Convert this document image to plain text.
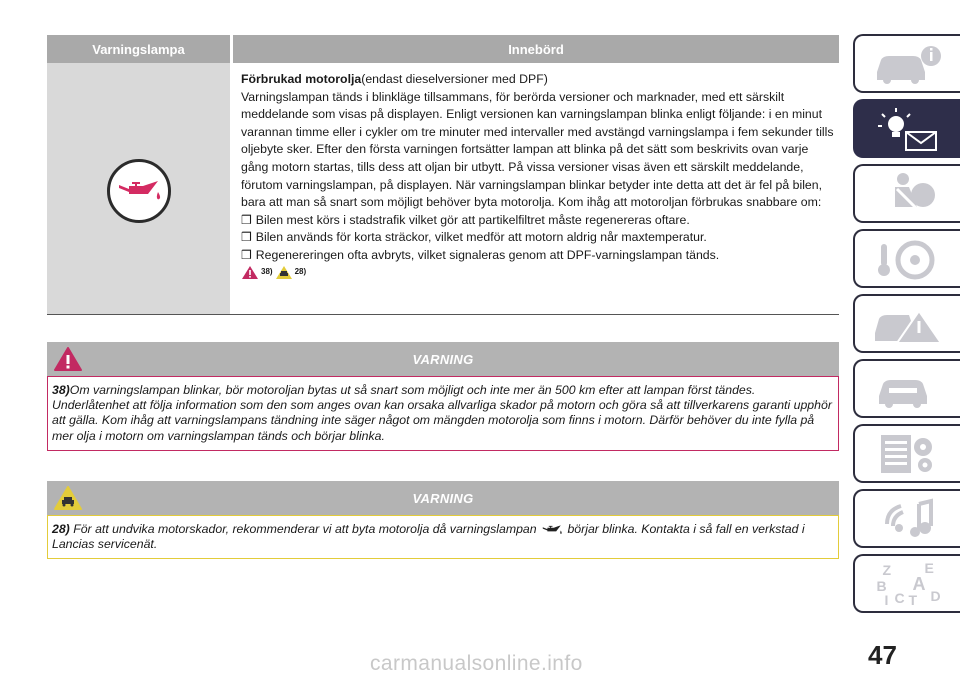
Varningslampa	Innebörd
Förbrukad motorolja(endast dieselversioner med DPF)
Varningslampan tänds i blinkläge tillsammans, för berörda versioner och marknader, med ett särskilt meddelande som visas på displayen. Enligt versionen kan varningslampan blinka enligt följande: i en minut varannan timme eller i cykler om tre minuter med intervaller med avstängd varningslampa i fem sekunder tills oljebyte sker. Efter den första varningen fortsätter lampan att blinka på det sätt som beskrivits ovan varje gång motorn startas, tills dess att oljan bir utbytt. På vissa versioner visas även ett särskilt meddelande, förutom varningslampan, på displayen. När varningslampan blinkar betyder inte detta att det är fel på bilen, bara att man så snart som möjligt behöver byta motorolja. Kom ihåg att motoroljan förbrukas snabbare om:
❒ Bilen mest körs i stadstrafik vilket gör att partikelfiltret måste regenereras oftare.
❒ Bilen används för korta sträckor, vilket medför att motorn aldrig når maxtemperatur.
❒ Regenereringen ofta avbryts, vilket signaleras genom att DPF-varningslampan tänds.
38)	28)
VARNING
38)Om varningslampan blinkar, bör motoroljan bytas ut så snart som möjligt och inte mer än 500 km efter att lampan först tändes. Underlåtenhet att följa information som den som anges ovan kan orsaka allvarliga skador på motorn och göra så att tillverkarens garanti upphör att gälla. Kom ihåg att varningslampans tändning inte säger något om mängden motorolja som finns i motorn. Därför behöver du inte fylla på mer olja i motorn om varningslampan tänds och börjar blinka.
VARNING
28) För att undvika motorskador, rekommenderar vi att byta motorolja då varningslampan	börjar blinka. Kontakta i så fall en verkstad i Lancias servicenät.
Z E
B A
C D
I T
47
carmanualsonline.info
